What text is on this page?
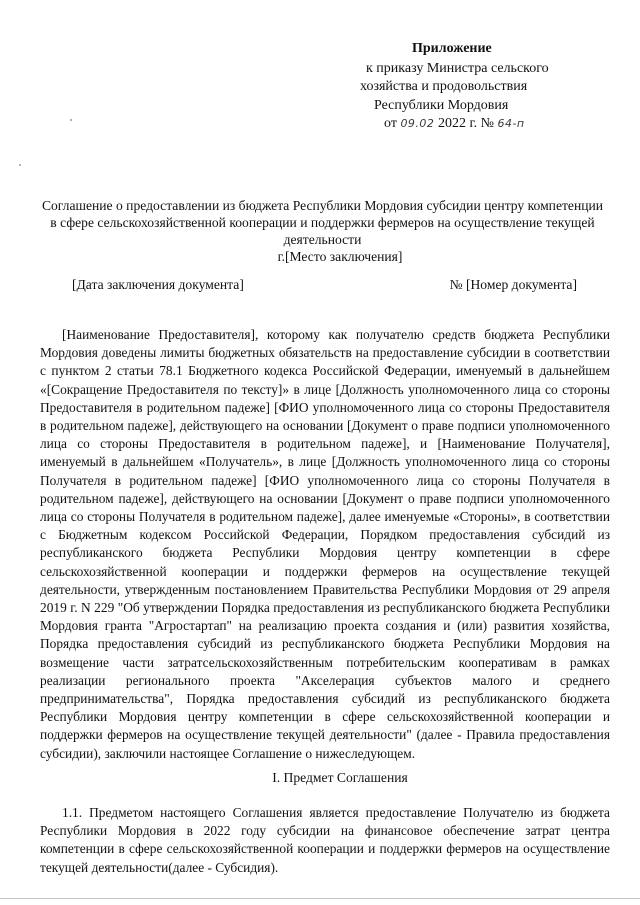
Приложение
к приказу Министра сельского
хозяйства и продовольствия
Республики Мордовия
от 09.02 2022 г. № 64-п
Соглашение о предоставлении из бюджета Республики Мордовия субсидии центру компетенции в сфере сельскохозяйственной кооперации и поддержки фермеров на осуществление текущей деятельности
г.[Место заключения]
[Дата заключения документа]	№ [Номер документа]
[Наименование Предоставителя], которому как получателю средств бюджета Республики Мордовия доведены лимиты бюджетных обязательств на предоставление субсидии в соответствии с пунктом 2 статьи 78.1 Бюджетного кодекса Российской Федерации, именуемый в дальнейшем «[Сокращение Предоставителя по тексту]» в лице [Должность уполномоченного лица со стороны Предоставителя в родительном падеже] [ФИО уполномоченного лица со стороны Предоставителя в родительном падеже], действующего на основании [Документ о праве подписи уполномоченного лица со стороны Предоставителя в родительном падеже], и [Наименование Получателя], именуемый в дальнейшем «Получатель», в лице [Должность уполномоченного лица со стороны Получателя в родительном падеже] [ФИО уполномоченного лица со стороны Получателя в родительном падеже], действующего на основании [Документ о праве подписи уполномоченного лица со стороны Получателя в родительном падеже], далее именуемые «Стороны», в соответствии с Бюджетным кодексом Российской Федерации, Порядком предоставления субсидий из республиканского бюджета Республики Мордовия центру компетенции в сфере сельскохозяйственной кооперации и поддержки фермеров на осуществление текущей деятельности, утвержденным постановлением Правительства Республики Мордовия от 29 апреля 2019 г. N 229 "Об утверждении Порядка предоставления из республиканского бюджета Республики Мордовия гранта "Агростартап" на реализацию проекта создания и (или) развития хозяйства, Порядка предоставления субсидий из республиканского бюджета Республики Мордовия на возмещение части затратсельскохозяйственным потребительским кооперативам в рамках реализации регионального проекта "Акселерация субъектов малого и среднего предпринимательства", Порядка предоставления субсидий из республиканского бюджета Республики Мордовия центру компетенции в сфере сельскохозяйственной кооперации и поддержки фермеров на осуществление текущей деятельности" (далее - Правила предоставления субсидии), заключили настоящее Соглашение о нижеследующем.
I. Предмет Соглашения
1.1. Предметом настоящего Соглашения является предоставление Получателю из бюджета Республики Мордовия в 2022 году субсидии на финансовое обеспечение затрат центра компетенции в сфере сельскохозяйственной кооперации и поддержки фермеров на осуществление текущей деятельности(далее - Субсидия).
